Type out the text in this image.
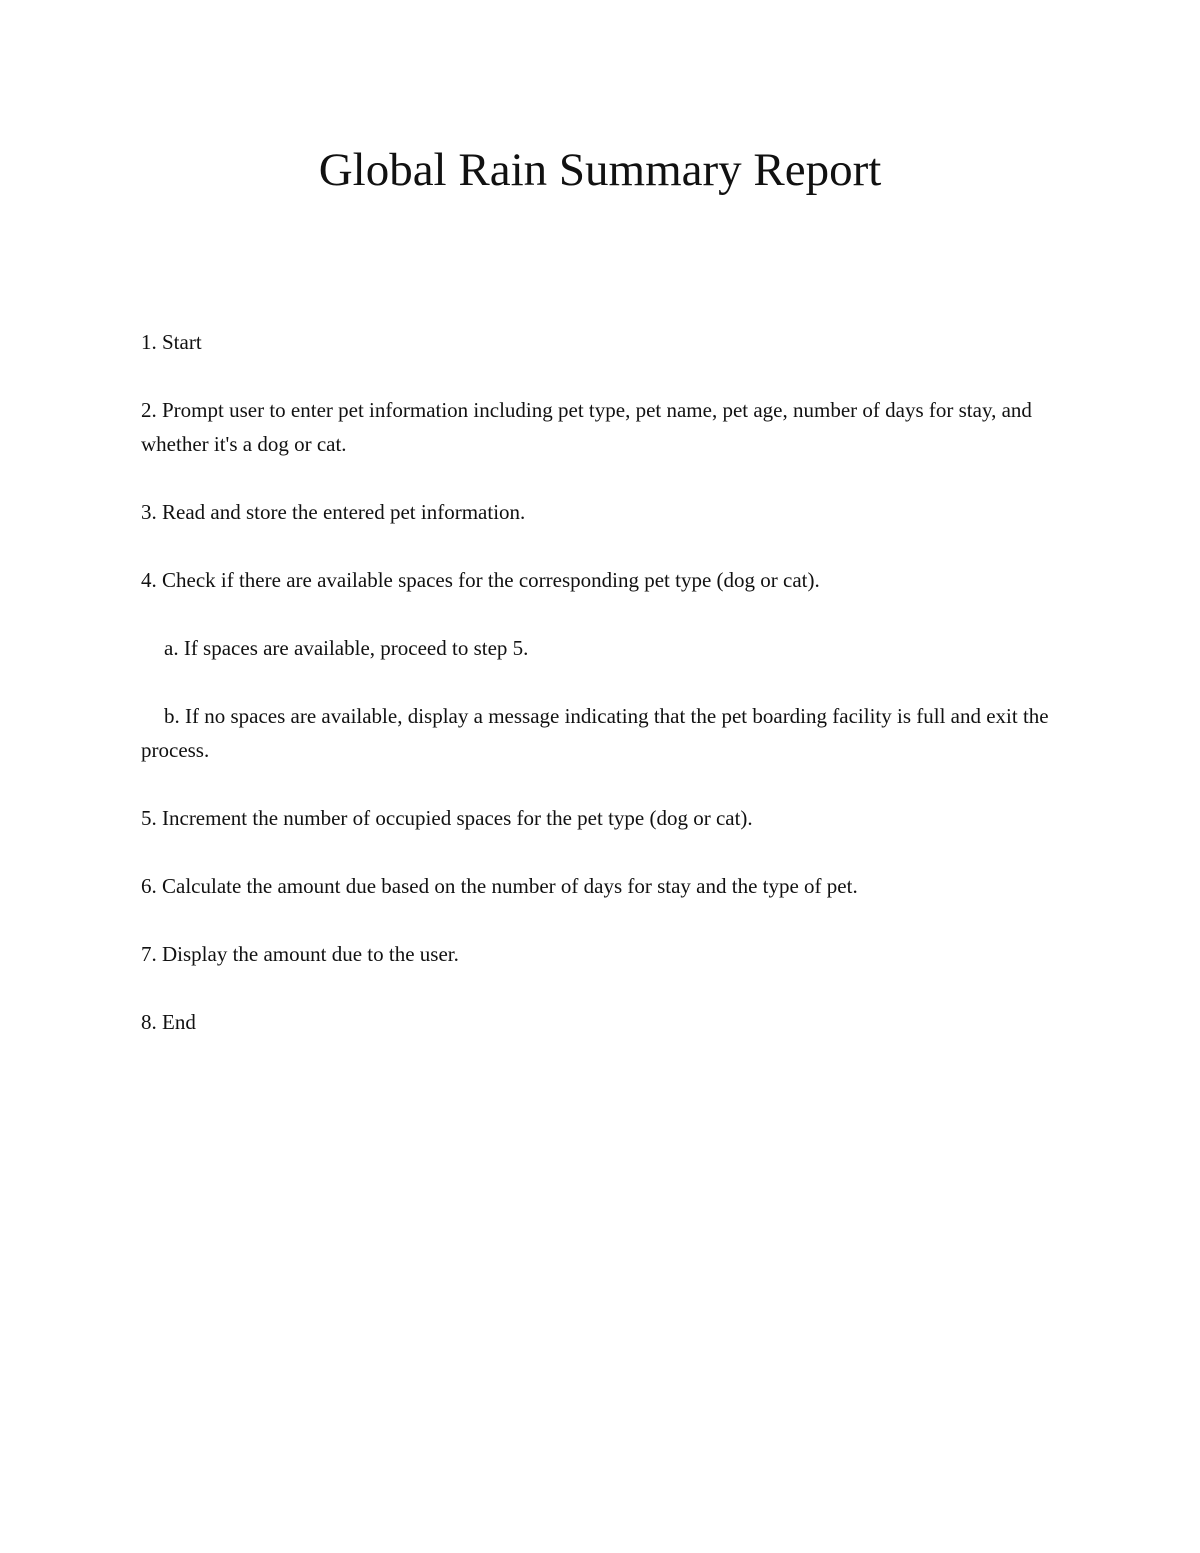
Global Rain Summary Report

1. Start

2. Prompt user to enter pet information including pet type, pet name, pet age, number of days for stay, and whether it's a dog or cat.

3. Read and store the entered pet information.

4. Check if there are available spaces for the corresponding pet type (dog or cat).

a. If spaces are available, proceed to step 5.

b. If no spaces are available, display a message indicating that the pet boarding facility is full and exit the process.

5. Increment the number of occupied spaces for the pet type (dog or cat).

6. Calculate the amount due based on the number of days for stay and the type of pet.

7. Display the amount due to the user.

8. End
